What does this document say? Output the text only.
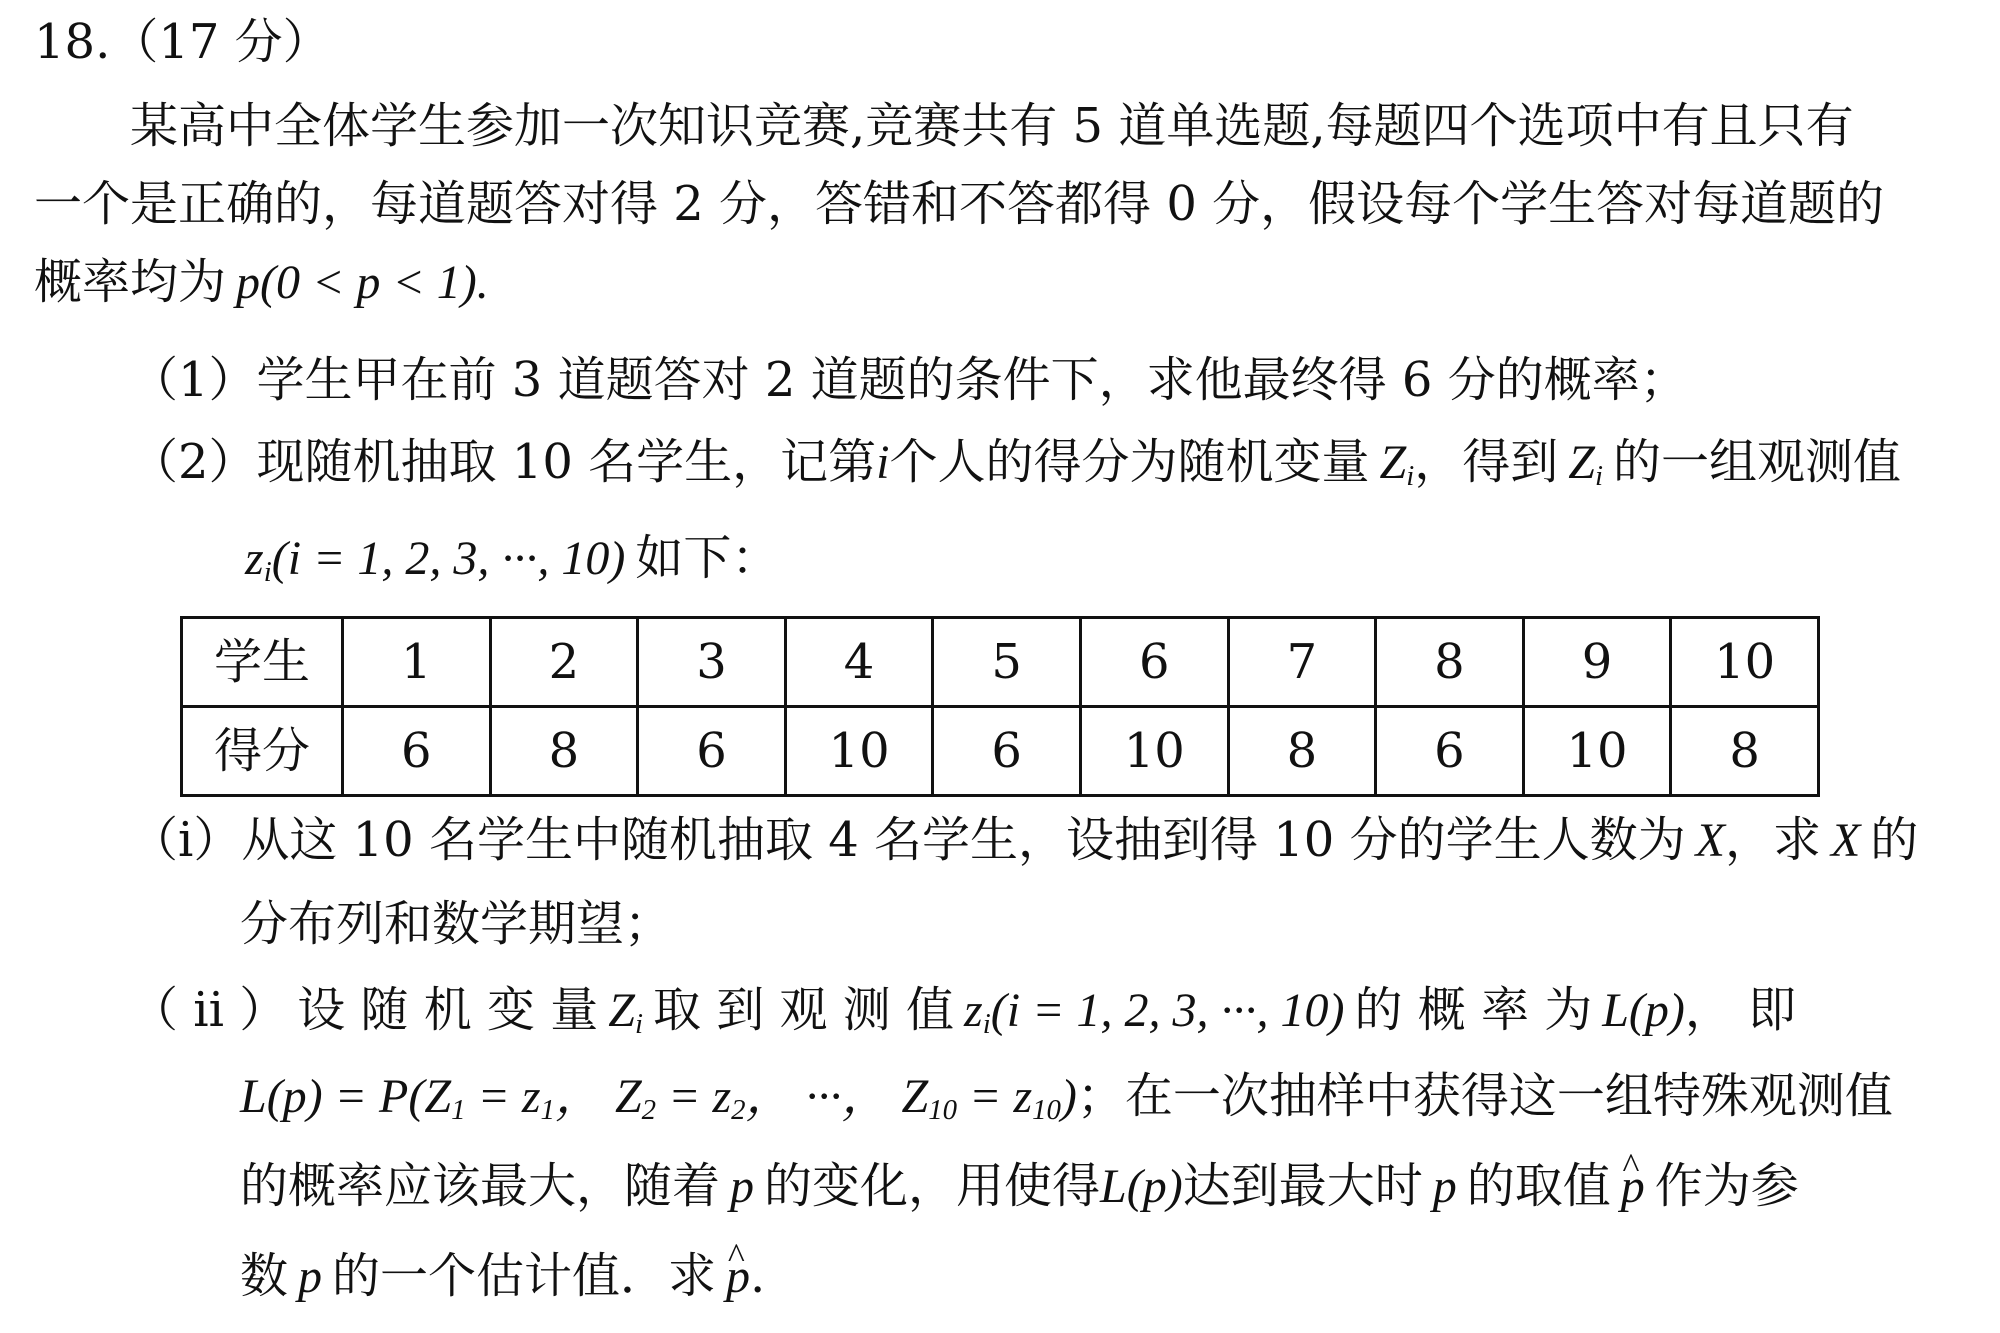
18.（17 分）
某高中全体学生参加一次知识竞赛,竞赛共有 5 道单选题,每题四个选项中有且只有
一个是正确的，每道题答对得 2 分，答错和不答都得 0 分，假设每个学生答对每道题的
概率均为 p(0 < p < 1).
（1）学生甲在前 3 道题答对 2 道题的条件下，求他最终得 6 分的概率；
（2）现随机抽取 10 名学生，记第i个人的得分为随机变量 $Z_i$，得到 $Z_i$ 的一组观测值
$z_i(i = 1$, 2, 3, ···, 10) 如下：
学生	1	2	3	4	5	6	7	8	9	10
得分	6	8	6	10	6	10	8	6	10	8
（i）从这 10 名学生中随机抽取 4 名学生，设抽到得 10 分的学生人数为 X，求 X 的
分布列和数学期望；
（ ii ） 设 随 机 变 量 $Z_i$ 取 到 观 测 值 $z_i(i = 1$, 2, 3, ···, 10) 的 概 率 为 L(p)， 即
$L(p) = P(Z_1 = z_1$， $Z_2 = z_2$， ···， $Z_{10} = z_{10}$)；在一次抽样中获得这一组特殊观测值
的概率应该最大，随着 p 的变化，用使得L(p)达到最大时 p 的取值 ^ p 作为参
数 p 的一个估计值．求 ^ p.
